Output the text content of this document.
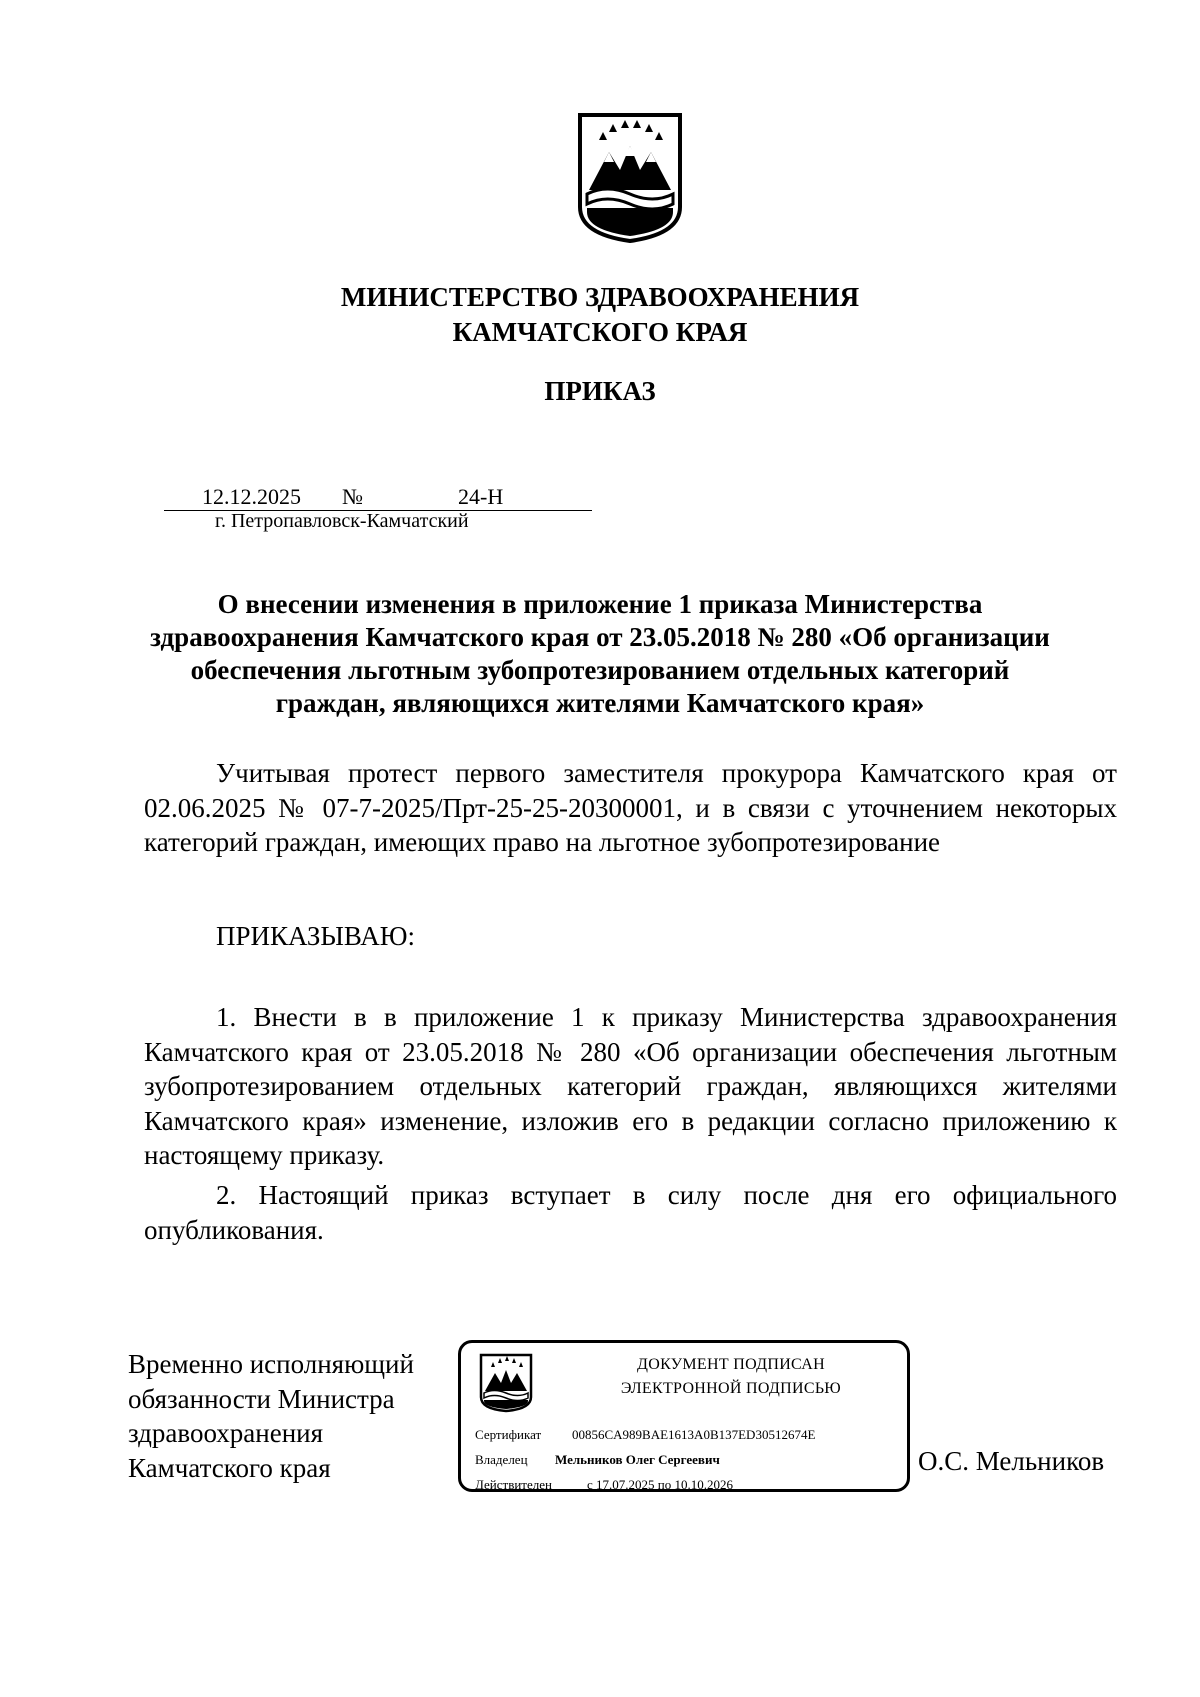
МИНИСТЕРСТВО ЗДРАВООХРАНЕНИЯ
КАМЧАТСКОГО КРАЯ
ПРИКАЗ
12.12.2025 №	24-Н
г. Петропавловск-Камчатский
О внесении изменения в приложение 1 приказа Министерства
здравоохранения Камчатского края от 23.05.2018 № 280 «Об организации
обеспечения льготным зубопротезированием отдельных категорий
граждан, являющихся жителями Камчатского края»
Учитывая протест первого заместителя прокурора Камчатского края от 02.06.2025 № 07-7-2025/Прт-25-25-20300001, и в связи с уточнением некоторых категорий граждан, имеющих право на льготное зубопротезирование
ПРИКАЗЫВАЮ:
1. Внести в в приложение 1 к приказу Министерства здравоохранения Камчатского края от 23.05.2018 № 280 «Об организации обеспечения льготным зубопротезированием отдельных категорий граждан, являющихся жителями Камчатского края» изменение, изложив его в редакции согласно приложению к настоящему приказу.
2. Настоящий приказ вступает в силу после дня его официального опубликования.
Временно исполняющий
обязанности Министра
здравоохранения
Камчатского края
ДОКУМЕНТ ПОДПИСАН
ЭЛЕКТРОННОЙ ПОДПИСЬЮ
Сертификат 00856CA989BAE1613A0B137ED30512674E
Владелец Мельников Олег Сергеевич
Действителен	с 17.07.2025 по 10.10.2026
О.С. Мельников
